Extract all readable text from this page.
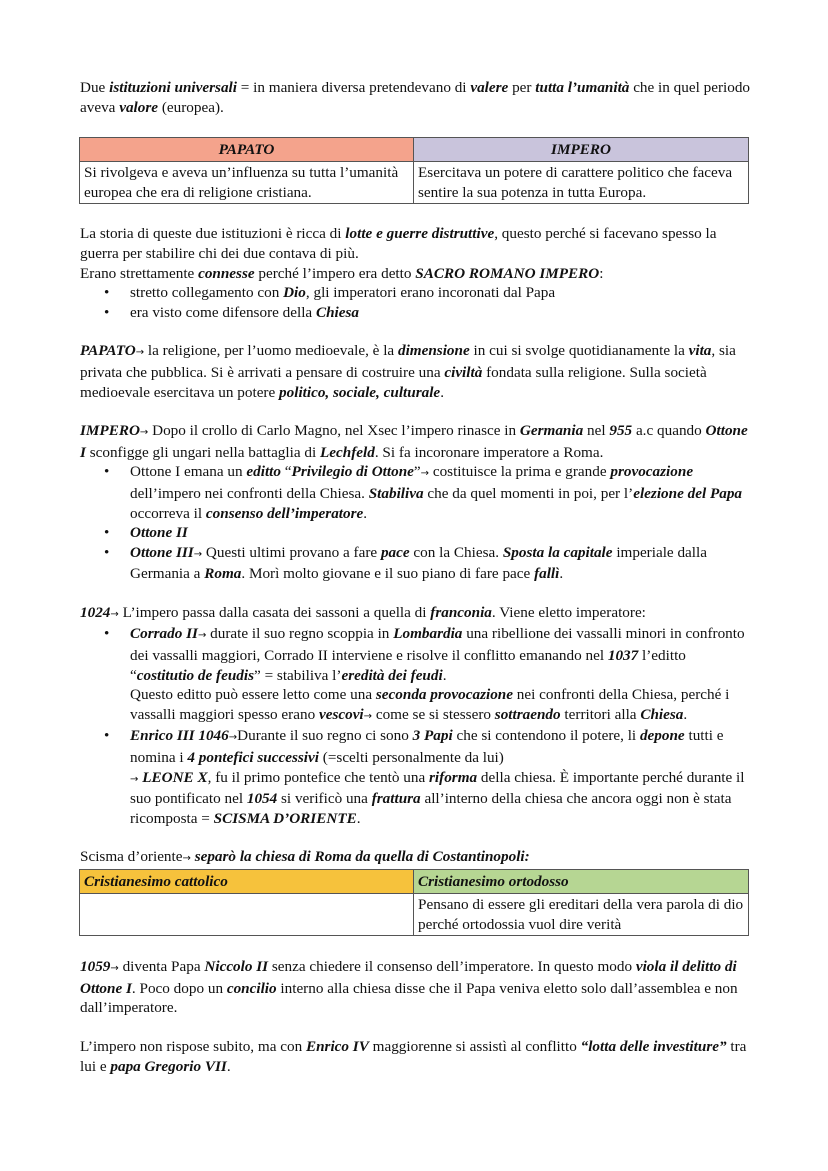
Due istituzioni universali = in maniera diversa pretendevano di valere per tutta l’umanità che in quel periodo aveva valore (europea).

PAPATO	IMPERO
Si rivolgeva e aveva un’influenza su tutta l’umanità europea che era di religione cristiana.	Esercitava un potere di carattere politico che faceva sentire la sua potenza in tutta Europa.

La storia di queste due istituzioni è ricca di lotte e guerre distruttive, questo perché si facevano spesso la guerra per stabilire chi dei due contava di più.

Erano strettamente connesse perché l’impero era detto SACRO ROMANO IMPERO:

• stretto collegamento con Dio, gli imperatori erano incoronati dal Papa
• era visto come difensore della Chiesa

PAPATO→ la religione, per l’uomo medioevale, è la dimensione in cui si svolge quotidianamente la vita, sia privata che pubblica. Si è arrivati a pensare di costruire una civiltà fondata sulla religione. Sulla società medioevale esercitava un potere politico, sociale, culturale.

IMPERO→ Dopo il crollo di Carlo Magno, nel Xsec l’impero rinasce in Germania nel 955 a.c quando Ottone I sconfigge gli ungari nella battaglia di Lechfeld. Si fa incoronare imperatore a Roma.

• Ottone I emana un editto “Privilegio di Ottone”→ costituisce la prima e grande provocazione dell’impero nei confronti della Chiesa. Stabiliva che da quel momenti in poi, per l’elezione del Papa occorreva il consenso dell’imperatore.
• Ottone II
• Ottone III→ Questi ultimi provano a fare pace con la Chiesa. Sposta la capitale imperiale dalla Germania a Roma. Morì molto giovane e il suo piano di fare pace fallì.

1024→ L’impero passa dalla casata dei sassoni a quella di franconia. Viene eletto imperatore:

• Corrado II→ durate il suo regno scoppia in Lombardia una ribellione dei vassalli minori in confronto dei vassalli maggiori, Corrado II interviene e risolve il conflitto emanando nel 1037 l’editto “costitutio de feudis” = stabiliva l’eredità dei feudi.
Questo editto può essere letto come una seconda provocazione nei confronti della Chiesa, perché i vassalli maggiori spesso erano vescovi→ come se si stessero sottraendo territori alla Chiesa.
• Enrico III 1046→Durante il suo regno ci sono 3 Papi che si contendono il potere, li depone tutti e nomina i 4 pontefici successivi (=scelti personalmente da lui)
→ LEONE X, fu il primo pontefice che tentò una riforma della chiesa. È importante perché durante il suo pontificato nel 1054 si verificò una frattura all’interno della chiesa che ancora oggi non è stata ricomposta = SCISMA D’ORIENTE.

Scisma d’oriente→ separò la chiesa di Roma da quella di Costantinopoli:

Cristianesimo cattolico	Cristianesimo ortodosso
	Pensano di essere gli ereditari della vera parola di dio perché ortodossia vuol dire verità

1059→ diventa Papa Niccolo II senza chiedere il consenso dell’imperatore. In questo modo viola il delitto di Ottone I. Poco dopo un concilio interno alla chiesa disse che il Papa veniva eletto solo dall’assemblea e non dall’imperatore.

L’impero non rispose subito, ma con Enrico IV maggiorenne si assistì al conflitto “lotta delle investiture” tra lui e papa Gregorio VII.
